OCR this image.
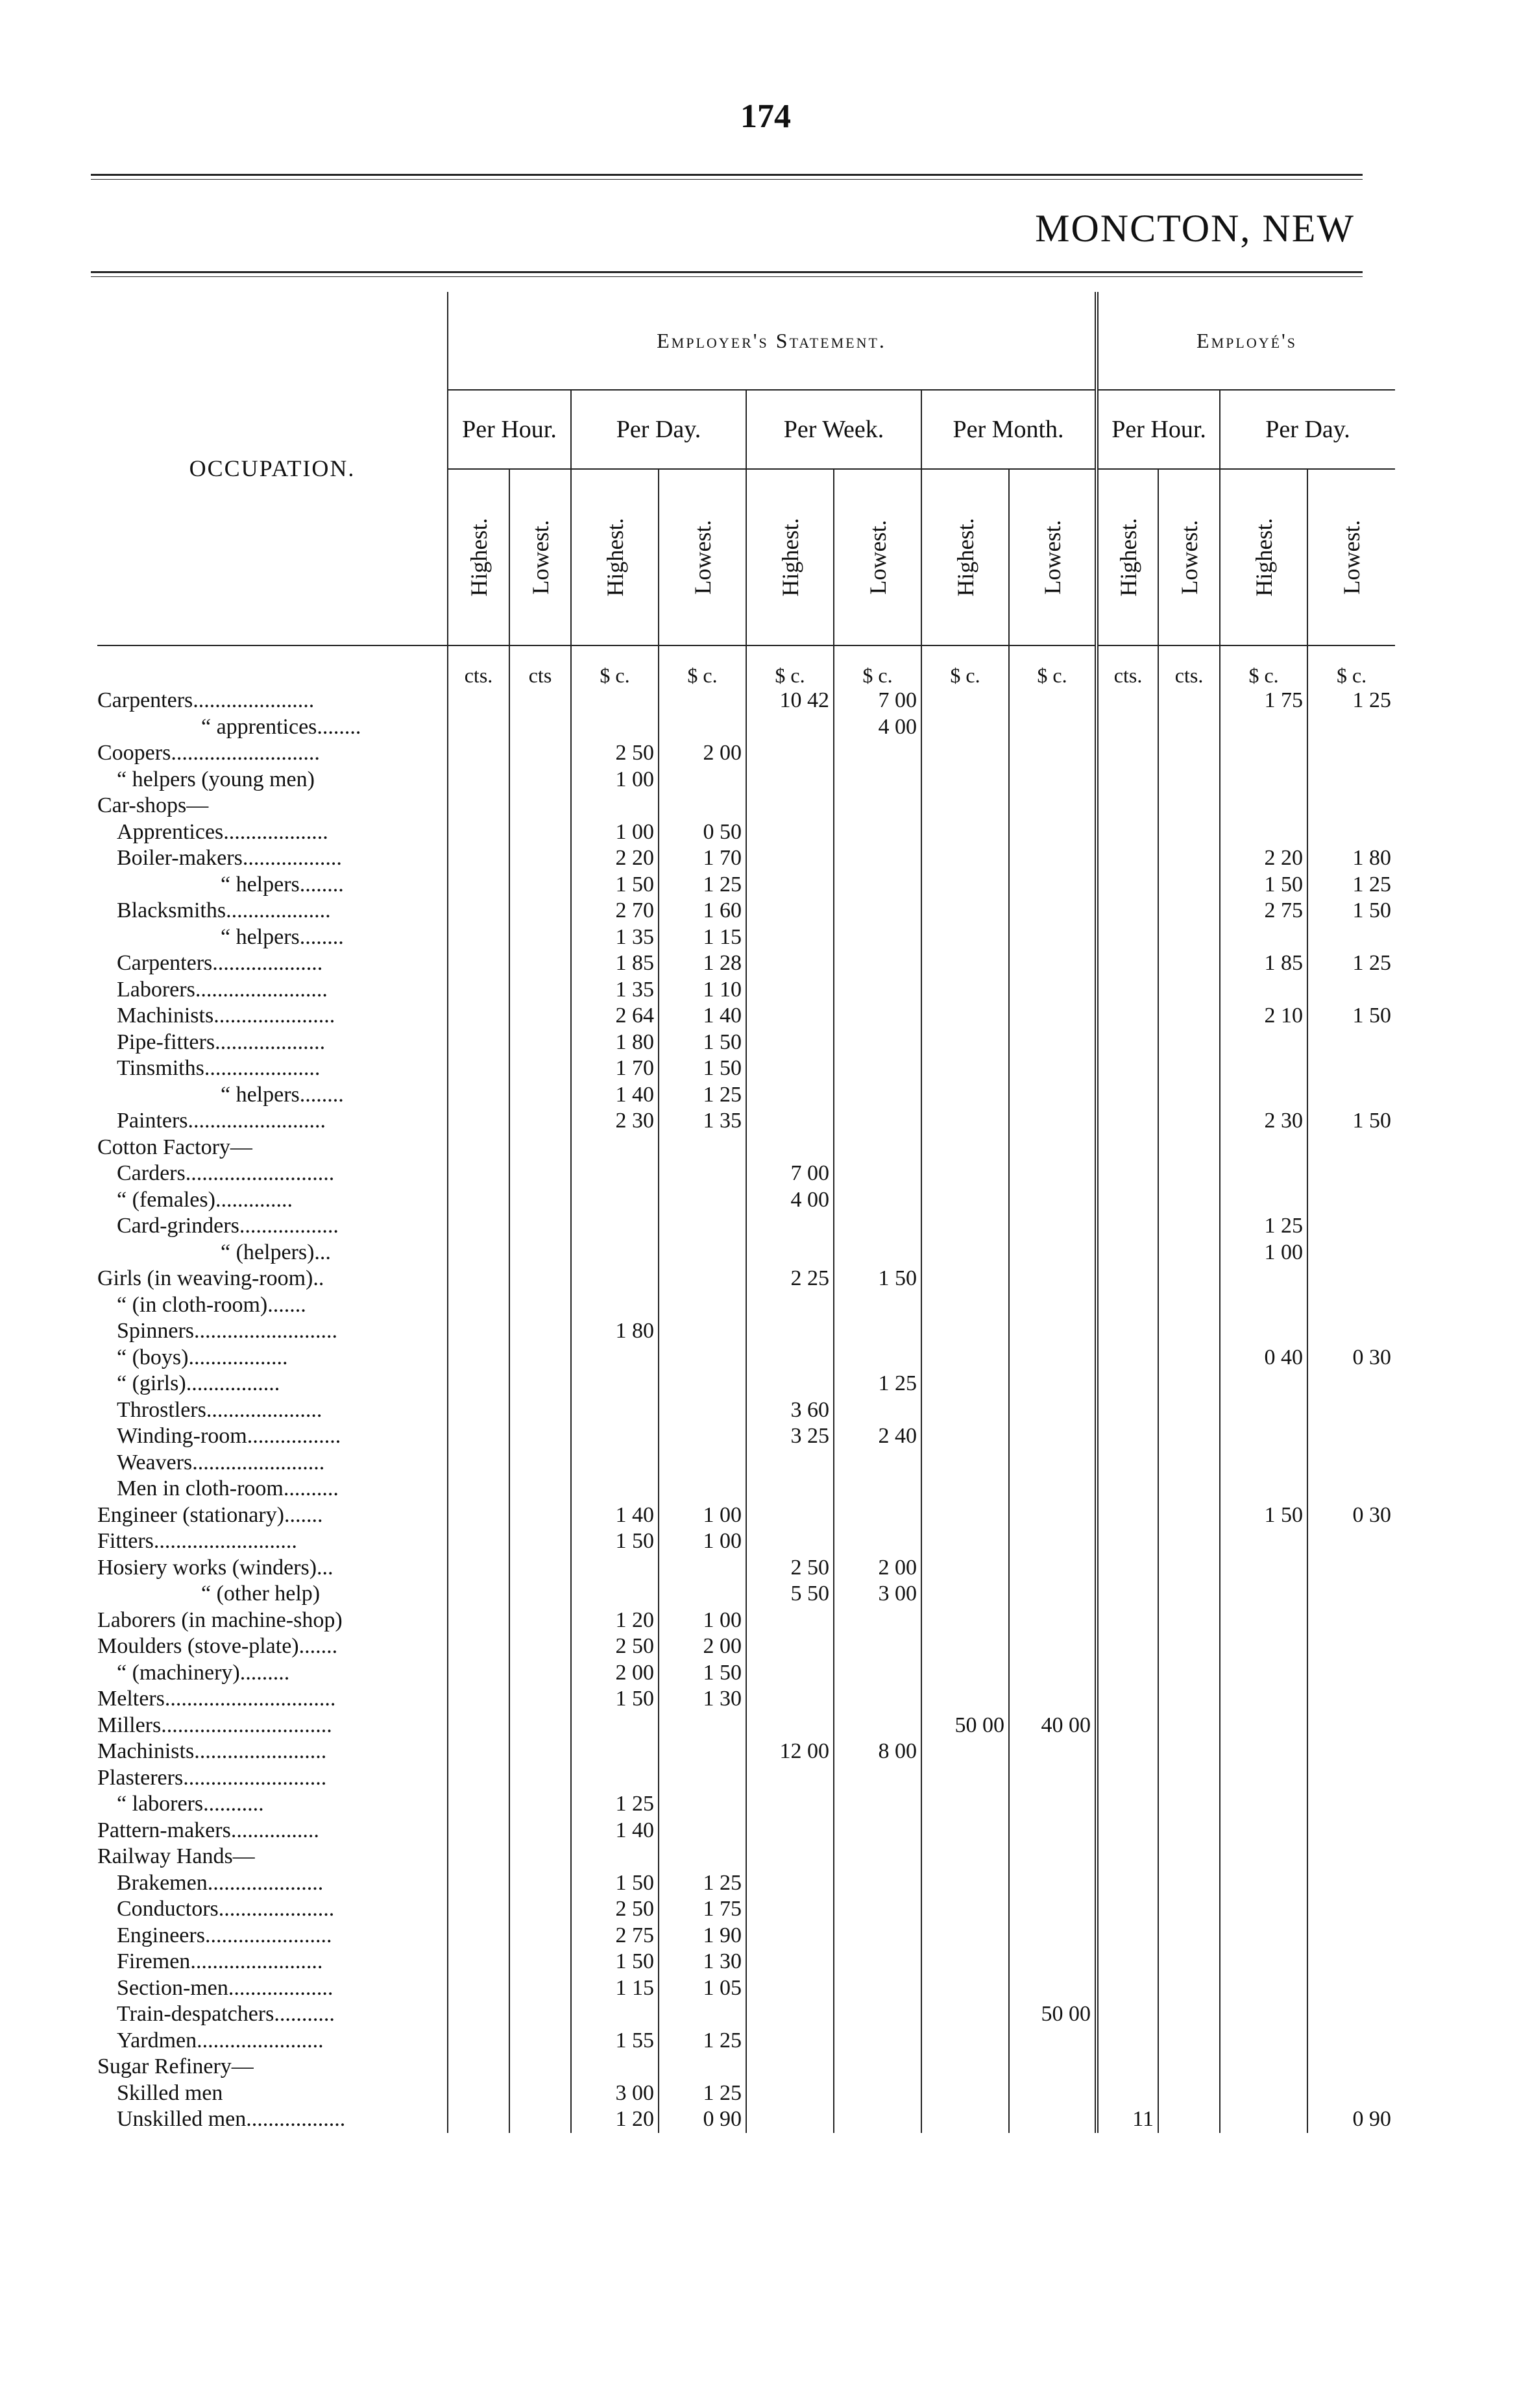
174
MONCTON, NEW
OCCUPATION.	Employer's Statement.								Employé's			
	Per Hour.		Per Day.		Per Week.		Per Month.		Per Hour.		Per Day.	

	Highest.	Lowest.	Highest.	Lowest.	Highest.	Lowest.	Highest.	Lowest.	Highest.	Lowest.	Highest.	Lowest.

	cts.	cts	$ c.	$ c.	$ c.	$ c.	$ c.	$ c.	cts.	cts.	$ c.	$ c.
Carpenters......................					10 42	7 00					1 75	1 25
“ apprentices........						4 00						
Coopers...........................			2 50	2 00								
“ helpers (young men)			1 00									
Car-shops—												
Apprentices...................			1 00	0 50								
Boiler-makers..................			2 20	1 70							2 20	1 80
“ helpers........			1 50	1 25							1 50	1 25
Blacksmiths...................			2 70	1 60							2 75	1 50
“ helpers........			1 35	1 15								
Carpenters....................			1 85	1 28							1 85	1 25
Laborers........................			1 35	1 10								
Machinists......................			2 64	1 40							2 10	1 50
Pipe-fitters....................			1 80	1 50								
Tinsmiths.....................			1 70	1 50								
“ helpers........			1 40	1 25								
Painters.........................			2 30	1 35							2 30	1 50
Cotton Factory—												
Carders...........................					7 00							
“ (females)..............					4 00							
Card-grinders..................											1 25	
“ (helpers)...											1 00	
Girls (in weaving-room)..					2 25	1 50						
“ (in cloth-room).......												
Spinners..........................			1 80									
“ (boys)..................											0 40	0 30
“ (girls).................						1 25						
Throstlers.....................					3 60							
Winding-room.................					3 25	2 40						
Weavers........................												
Men in cloth-room..........												
Engineer (stationary).......			1 40	1 00							1 50	0 30
Fitters..........................			1 50	1 00								
Hosiery works (winders)...					2 50	2 00						
“ (other help)					5 50	3 00						
Laborers (in machine-shop)			1 20	1 00								
Moulders (stove-plate).......			2 50	2 00								
“ (machinery).........			2 00	1 50								
Melters...............................			1 50	1 30								
Millers...............................							50 00	40 00				
Machinists........................					12 00	8 00						
Plasterers..........................												
“ laborers...........			1 25									
Pattern-makers................			1 40									
Railway Hands—												
Brakemen.....................			1 50	1 25								
Conductors.....................			2 50	1 75								
Engineers.......................			2 75	1 90								
Firemen........................			1 50	1 30								
Section-men...................			1 15	1 05								
Train-despatchers...........								50 00				
Yardmen.......................			1 55	1 25								
Sugar Refinery—												
Skilled men			3 00	1 25								
Unskilled men..................			1 20	0 90					11			0 90
